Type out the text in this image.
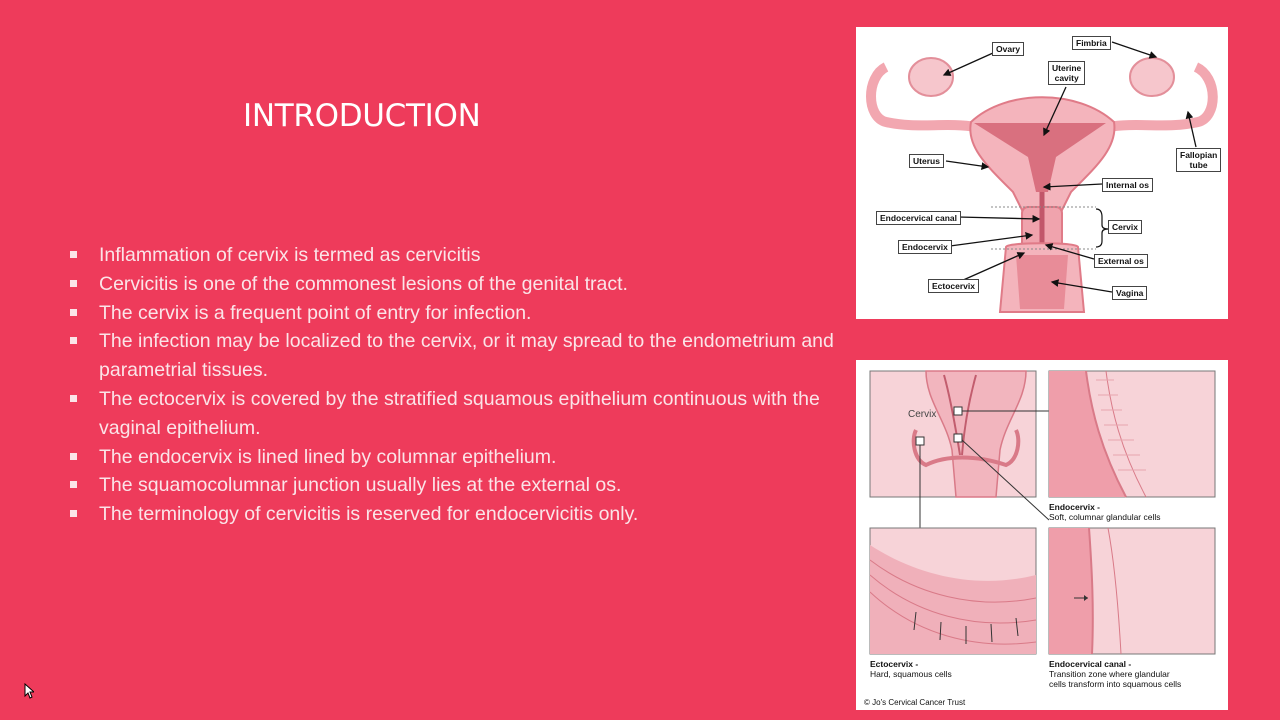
INTRODUCTION
Inflammation of cervix is termed as cervicitis
Cervicitis is one of the commonest lesions of the genital tract.
The cervix is a frequent point of entry for infection.
The infection may be localized to the cervix, or it may spread to the endometrium and parametrial tissues.
The ectocervix is covered by the stratified squamous epithelium continuous with the vaginal epithelium.
The endocervix is lined lined by columnar epithelium.
The squamocolumnar junction usually lies at the external os.
The terminology of cervicitis is reserved for endocervicitis only.
Ovary
Fimbria
Uterine
cavity
Uterus
Fallopian
tube
Internal os
Endocervical canal
Cervix
Endocervix
External os
Ectocervix
Vagina
Cervix
Endocervix -
Soft, columnar glandular cells
Ectocervix -
Hard, squamous cells
Endocervical canal -
Transition zone where glandular
cells transform into squamous cells
© Jo's Cervical Cancer Trust
